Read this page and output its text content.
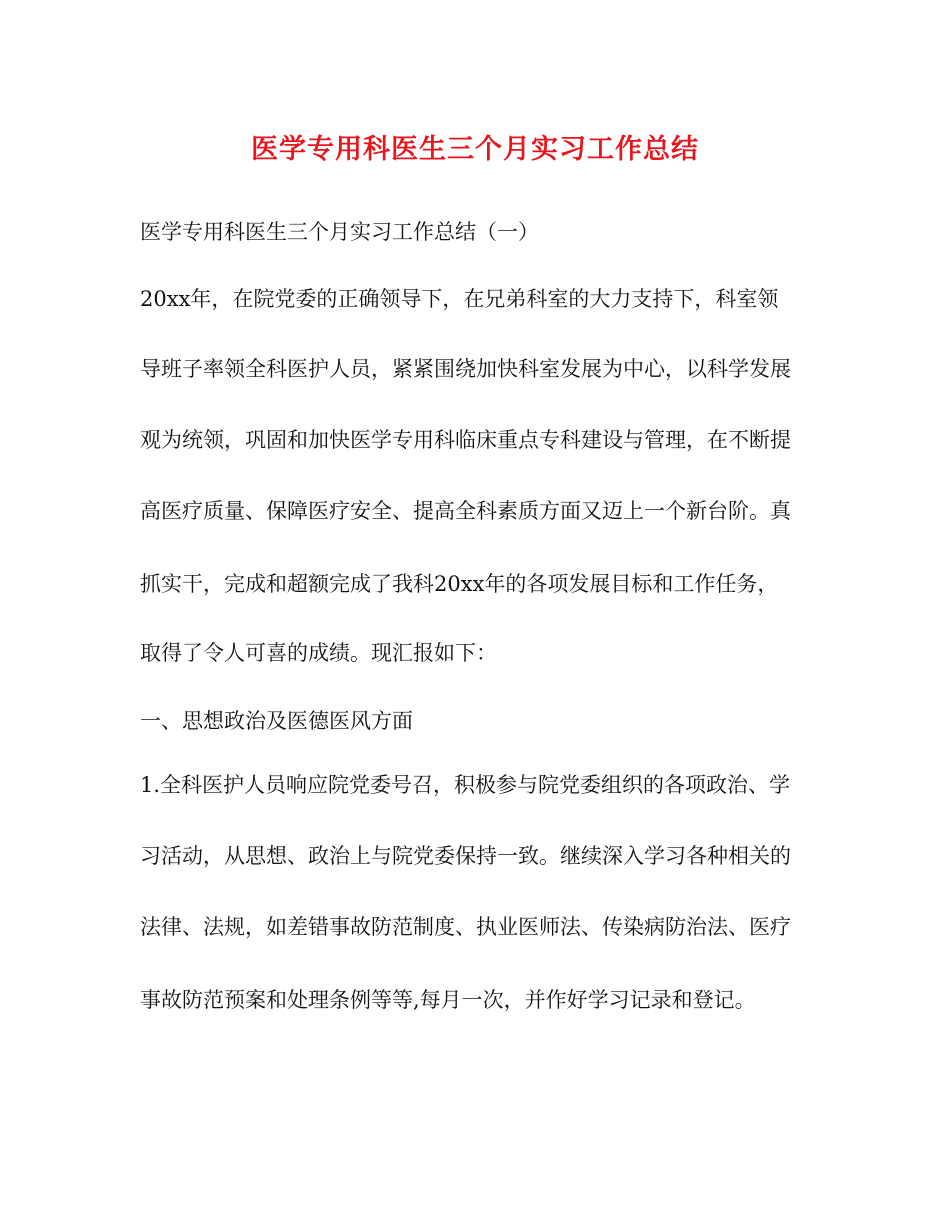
医学专用科医生三个月实习工作总结
医学专用科医生三个月实习工作总结（一）
20xx年，在院党委的正确领导下，在兄弟科室的大力支持下，科室领
导班子率领全科医护人员，紧紧围绕加快科室发展为中心，以科学发展
观为统领，巩固和加快医学专用科临床重点专科建设与管理，在不断提
高医疗质量、保障医疗安全、提高全科素质方面又迈上一个新台阶。真
抓实干，完成和超额完成了我科20xx年的各项发展目标和工作任务，
取得了令人可喜的成绩。现汇报如下：
一、思想政治及医德医风方面
1.全科医护人员响应院党委号召，积极参与院党委组织的各项政治、学
习活动，从思想、政治上与院党委保持一致。继续深入学习各种相关的
法律、法规，如差错事故防范制度、执业医师法、传染病防治法、医疗
事故防范预案和处理条例等等,每月一次，并作好学习记录和登记。
